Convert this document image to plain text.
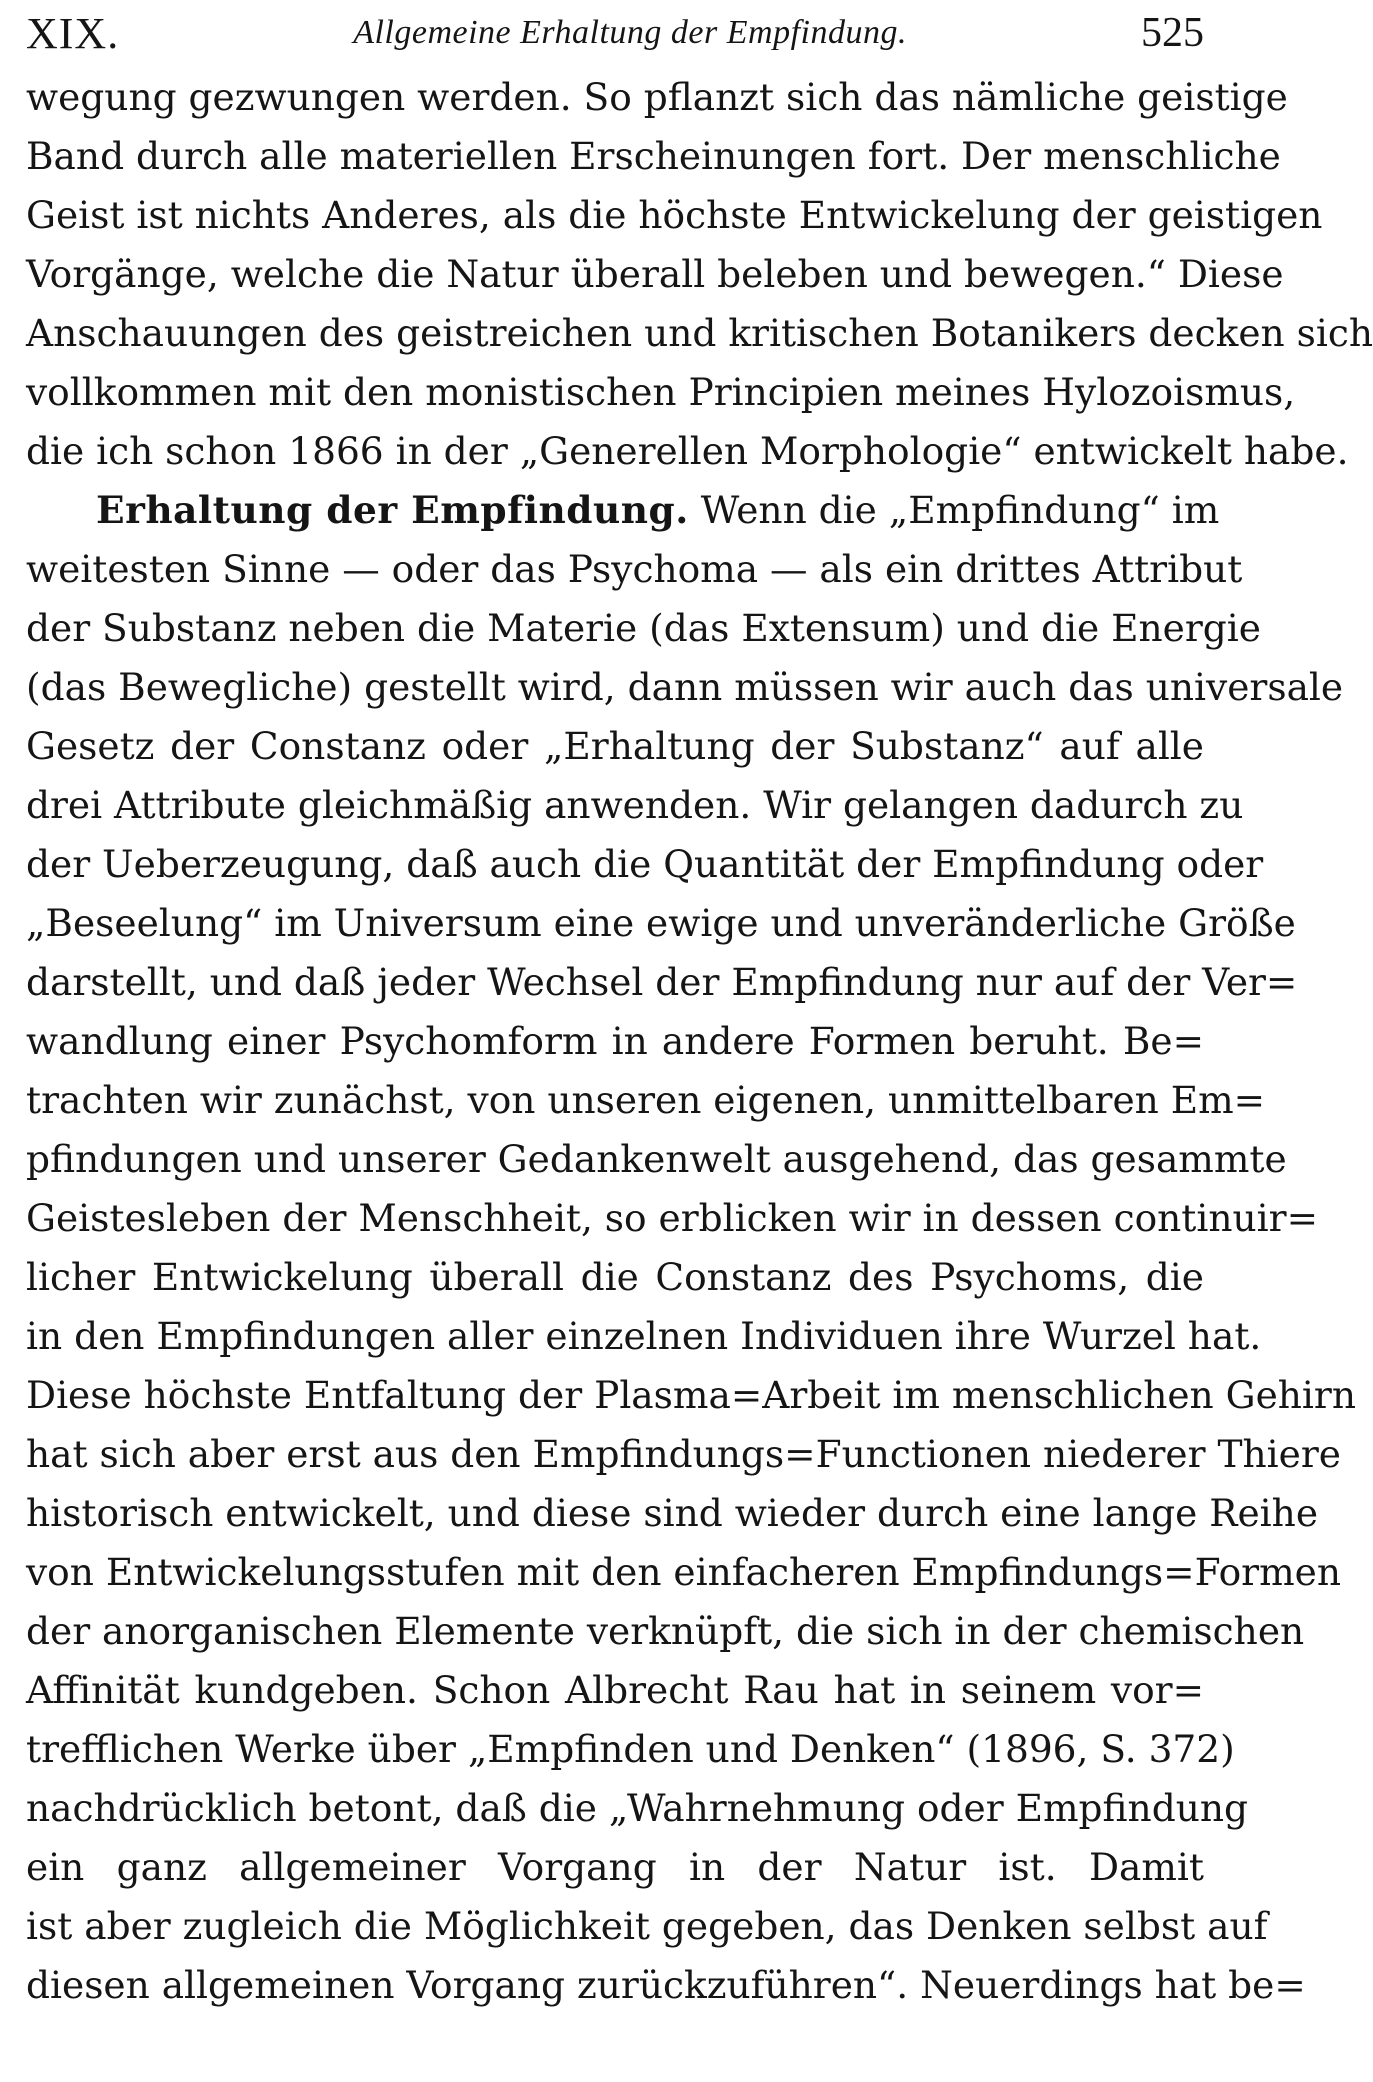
XIX.	Allgemeine Erhaltung der Empfindung.	525
wegung gezwungen werden. So pflanzt sich das nämliche geistige
Band durch alle materiellen Erscheinungen fort. Der menschliche
Geist ist nichts Anderes, als die höchste Entwickelung der geistigen
Vorgänge, welche die Natur überall beleben und bewegen.“ Diese
Anschauungen des geistreichen und kritischen Botanikers decken sich
vollkommen mit den monistischen Principien meines Hylozoismus,
die ich schon 1866 in der „Generellen Morphologie“ entwickelt habe.
Erhaltung der Empfindung. Wenn die „Empfindung“ im
weitesten Sinne — oder das Psychoma — als ein drittes Attribut
der Substanz neben die Materie (das Extensum) und die Energie
(das Bewegliche) gestellt wird, dann müssen wir auch das universale
Gesetz der Constanz oder „Erhaltung der Substanz“ auf alle
drei Attribute gleichmäßig anwenden. Wir gelangen dadurch zu
der Ueberzeugung, daß auch die Quantität der Empfindung oder
„Beseelung“ im Universum eine ewige und unveränderliche Größe
darstellt, und daß jeder Wechsel der Empfindung nur auf der Ver=
wandlung einer Psychomform in andere Formen beruht. Be=
trachten wir zunächst, von unseren eigenen, unmittelbaren Em=
pfindungen und unserer Gedankenwelt ausgehend, das gesammte
Geistesleben der Menschheit, so erblicken wir in dessen continuir=
licher Entwickelung überall die Constanz des Psychoms, die
in den Empfindungen aller einzelnen Individuen ihre Wurzel hat.
Diese höchste Entfaltung der Plasma=Arbeit im menschlichen Gehirn
hat sich aber erst aus den Empfindungs=Functionen niederer Thiere
historisch entwickelt, und diese sind wieder durch eine lange Reihe
von Entwickelungsstufen mit den einfacheren Empfindungs=Formen
der anorganischen Elemente verknüpft, die sich in der chemischen
Affinität kundgeben. Schon Albrecht Rau hat in seinem vor=
trefflichen Werke über „Empfinden und Denken“ (1896, S. 372)
nachdrücklich betont, daß die „Wahrnehmung oder Empfindung
ein ganz allgemeiner Vorgang in der Natur ist. Damit
ist aber zugleich die Möglichkeit gegeben, das Denken selbst auf
diesen allgemeinen Vorgang zurückzuführen“. Neuerdings hat be=
